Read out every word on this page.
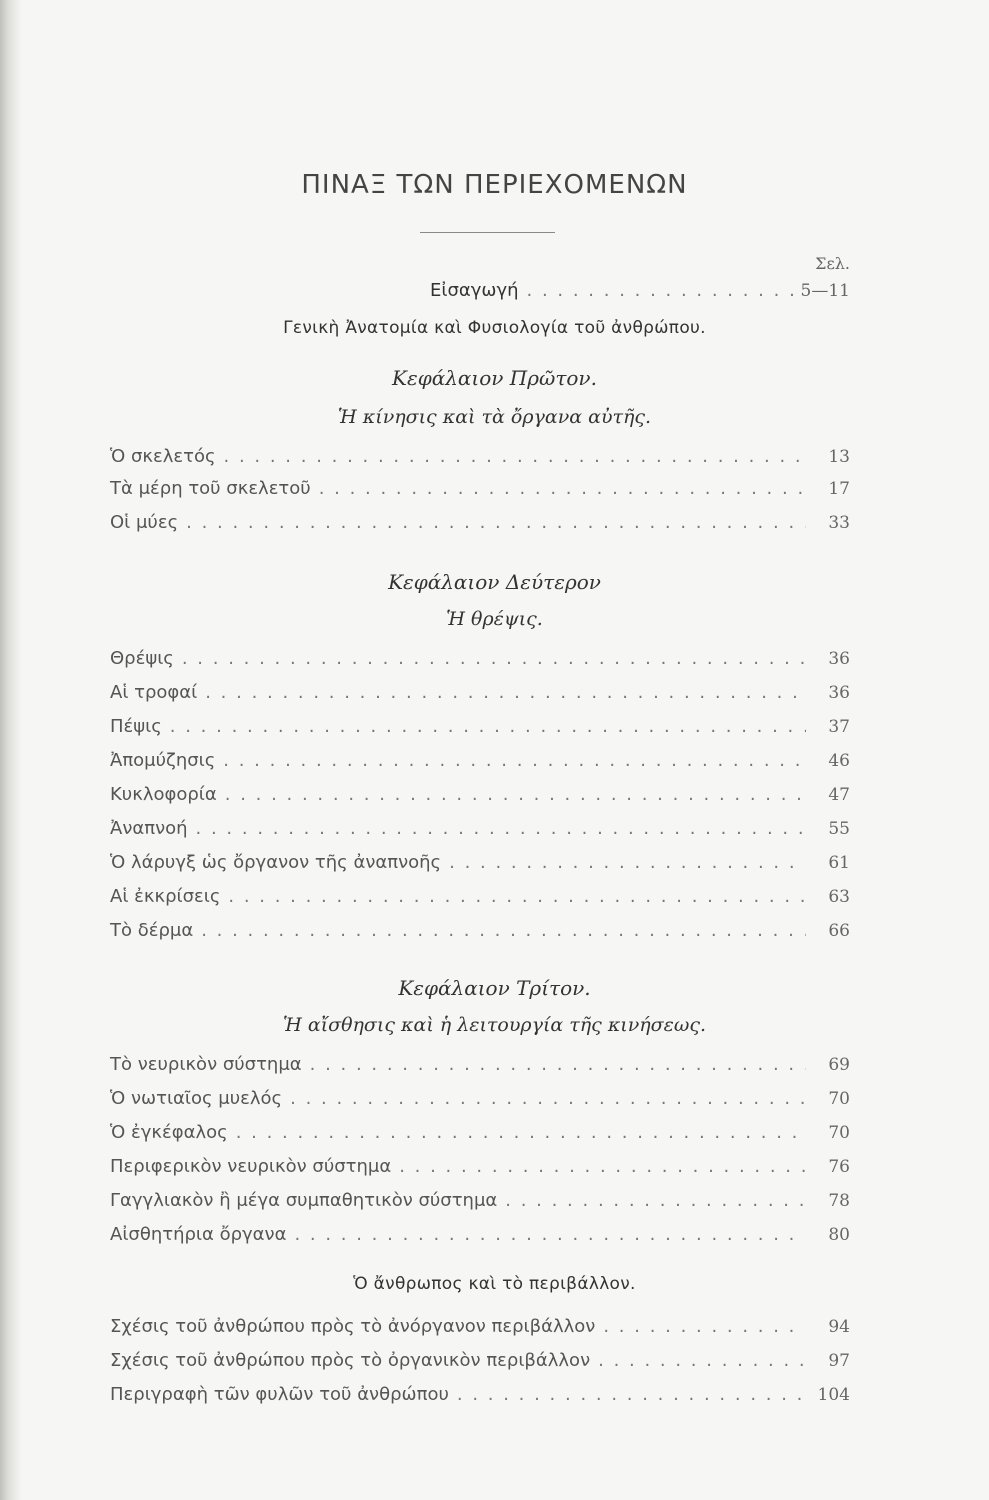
ΠΙΝΑΞ ΤΩΝ ΠΕΡΙΕΧΟΜΕΝΩΝ
Σελ.
Εἰσαγωγή . . .	5—11
Γενικὴ Ἀνατομία καὶ Φυσιολογία τοῦ ἀνθρώπου.
Κεφάλαιον Πρῶτον.
Ἡ κίνησις καὶ τὰ ὄργανα αὐτῆς.
Ὁ σκελετός . . .	13
Τὰ μέρη τοῦ σκελετοῦ . . .	17
Οἱ μύες . . .	33
Κεφάλαιον Δεύτερον
Ἡ θρέψις.
Θρέψις . . .	36
Αἱ τροφαί . . .	36
Πέψις . . .	37
Ἀπομύζησις . . .	46
Κυκλοφορία . . .	47
Ἀναπνοή . . .	55
Ὁ λάρυγξ ὡς ὄργανον τῆς ἀναπνοῆς . . .	61
Αἱ ἐκκρίσεις . . .	63
Τὸ δέρμα . . .	66
Κεφάλαιον Τρίτον.
Ἡ αἴσθησις καὶ ἡ λειτουργία τῆς κινήσεως.
Τὸ νευρικὸν σύστημα . . .	69
Ὁ νωτιαῖος μυελός . . .	70
Ὁ ἐγκέφαλος . . .	70
Περιφερικὸν νευρικὸν σύστημα . . .	76
Γαγγλιακὸν ἢ μέγα συμπαθητικὸν σύστημα . . .	78
Αἰσθητήρια ὄργανα . . .	80
Ὁ ἄνθρωπος καὶ τὸ περιβάλλον.
Σχέσις τοῦ ἀνθρώπου πρὸς τὸ ἀνόργανον περιβάλλον . . .	94
Σχέσις τοῦ ἀνθρώπου πρὸς τὸ ὀργανικὸν περιβάλλον . . .	97
Περιγραφὴ τῶν φυλῶν τοῦ ἀνθρώπου . . .	104
